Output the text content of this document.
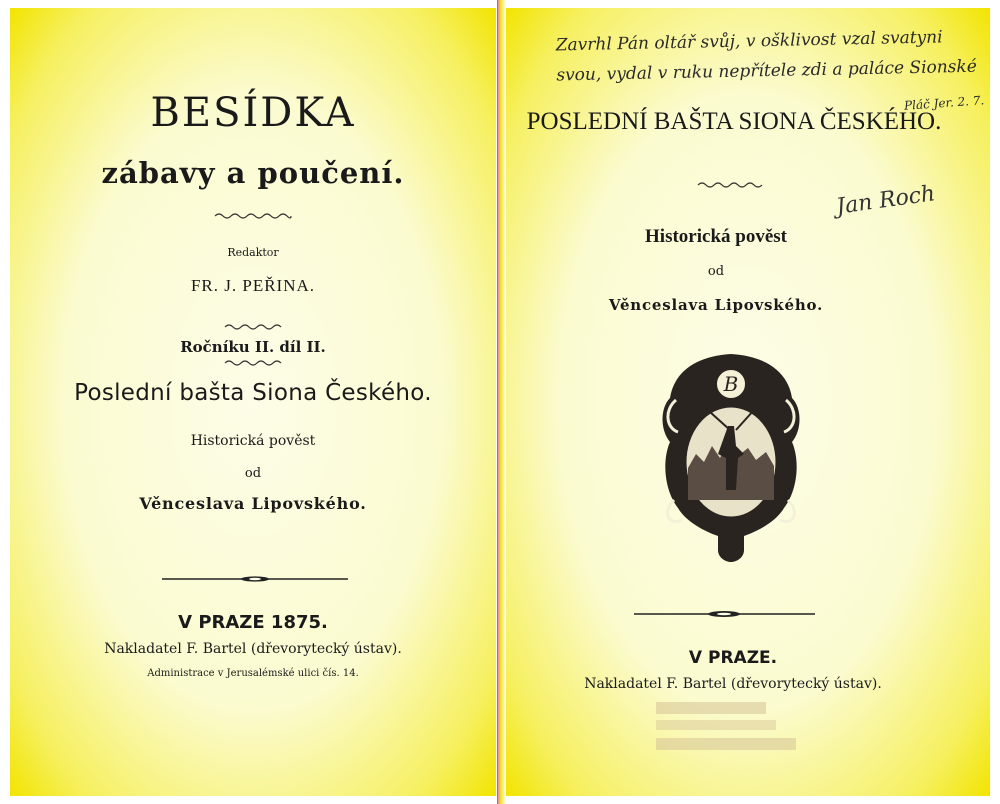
BESÍDKA
zábavy a poučení.
Redaktor
FR. J. PEŘINA.
Ročníku II. díl II.
Poslední bašta Siona Českého.
Historická pověst
od
Věnceslava Lipovského.
V PRAZE 1875.
Nakladatel F. Bartel (dřevorytecký ústav).
Administrace v Jerusalémské ulici čís. 14.
Zavrhl Pán oltář svůj, v ošklivost vzal svatyni
svou, vydal v ruku nepřítele zdi a paláce Sionské
Pláč Jer. 2. 7.
POSLEDNÍ BAŠTA SIONA ČESKÉHO.
Jan Roch
Historická pověst
od
Věnceslava Lipovského.
B
V PRAZE.
Nakladatel F. Bartel (dřevorytecký ústav).
